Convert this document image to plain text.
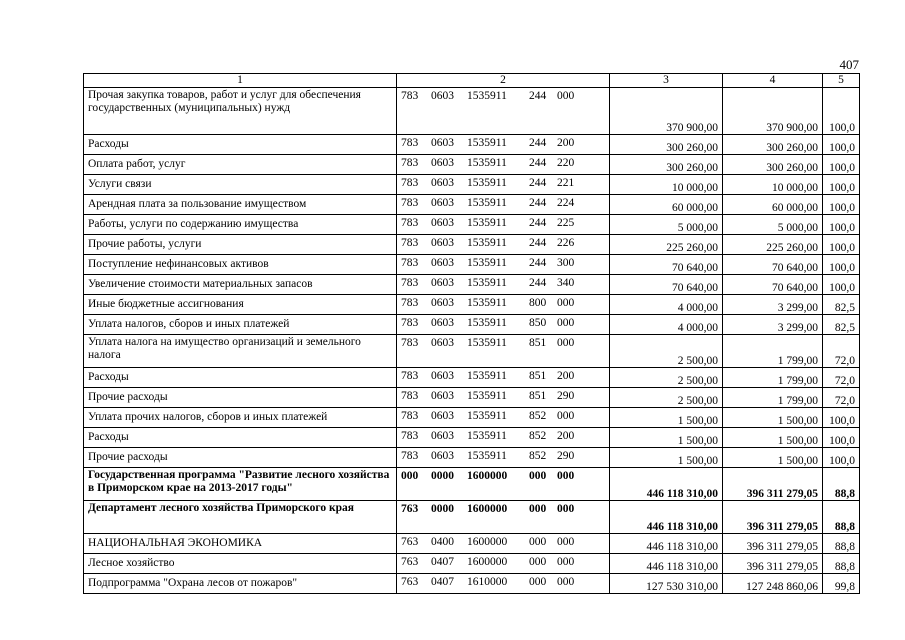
407
1	2	3	4	5
Прочая закупка товаров, работ и услуг для обеспечения государственных (муниципальных) нужд	783 0603 1535911 244 000	370 900,00	370 900,00	100,0
Расходы	783 0603 1535911 244 200	300 260,00	300 260,00	100,0
Оплата работ, услуг	783 0603 1535911 244 220	300 260,00	300 260,00	100,0
Услуги связи	783 0603 1535911 244 221	10 000,00	10 000,00	100,0
Арендная плата за пользование имуществом	783 0603 1535911 244 224	60 000,00	60 000,00	100,0
Работы, услуги по содержанию имущества	783 0603 1535911 244 225	5 000,00	5 000,00	100,0
Прочие работы, услуги	783 0603 1535911 244 226	225 260,00	225 260,00	100,0
Поступление нефинансовых активов	783 0603 1535911 244 300	70 640,00	70 640,00	100,0
Увеличение стоимости материальных запасов	783 0603 1535911 244 340	70 640,00	70 640,00	100,0
Иные бюджетные ассигнования	783 0603 1535911 800 000	4 000,00	3 299,00	82,5
Уплата налогов, сборов и иных платежей	783 0603 1535911 850 000	4 000,00	3 299,00	82,5
Уплата налога на имущество организаций и земельного налога	783 0603 1535911 851 000	2 500,00	1 799,00	72,0
Расходы	783 0603 1535911 851 200	2 500,00	1 799,00	72,0
Прочие расходы	783 0603 1535911 851 290	2 500,00	1 799,00	72,0
Уплата прочих налогов, сборов и иных платежей	783 0603 1535911 852 000	1 500,00	1 500,00	100,0
Расходы	783 0603 1535911 852 200	1 500,00	1 500,00	100,0
Прочие расходы	783 0603 1535911 852 290	1 500,00	1 500,00	100,0
Государственная программа "Развитие лесного хозяйства в Приморском крае на 2013-2017 годы"	000 0000 1600000 000 000	446 118 310,00	396 311 279,05	88,8
Департамент лесного хозяйства Приморского края	763 0000 1600000 000 000	446 118 310,00	396 311 279,05	88,8
НАЦИОНАЛЬНАЯ ЭКОНОМИКА	763 0400 1600000 000 000	446 118 310,00	396 311 279,05	88,8
Лесное хозяйство	763 0407 1600000 000 000	446 118 310,00	396 311 279,05	88,8
Подпрограмма "Охрана лесов от пожаров"	763 0407 1610000 000 000	127 530 310,00	127 248 860,06	99,8
